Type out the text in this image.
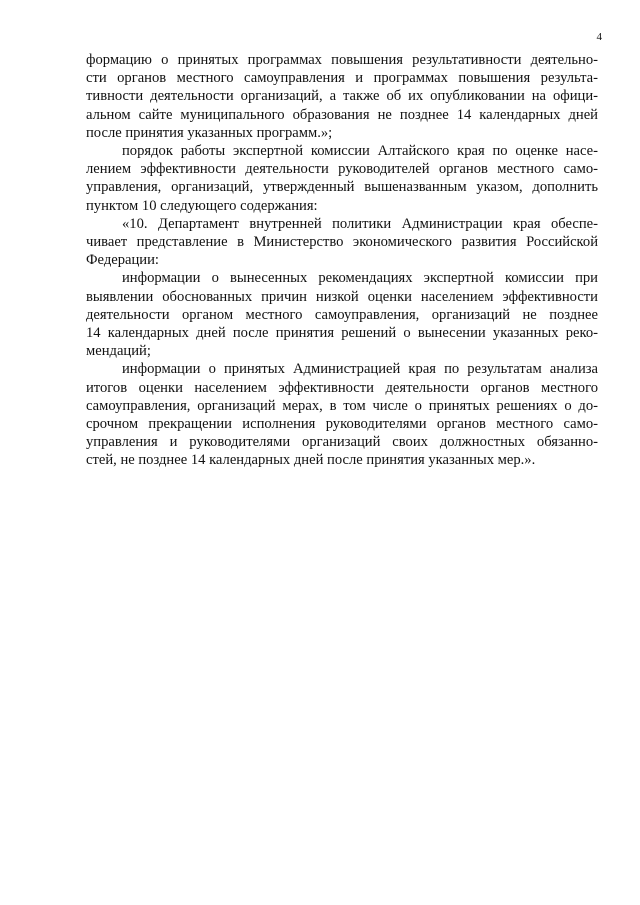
4
формацию о принятых программах повышения результативности деятельно-
сти органов местного самоуправления и программах повышения результа-
тивности деятельности организаций, а также об их опубликовании на офици-
альном сайте муниципального образования не позднее 14 календарных дней
после принятия указанных программ.»;
порядок работы экспертной комиссии Алтайского края по оценке насе-
лением эффективности деятельности руководителей органов местного само-
управления, организаций, утвержденный вышеназванным указом, дополнить
пунктом 10 следующего содержания:
«10. Департамент внутренней политики Администрации края обеспе-
чивает представление в Министерство экономического развития Российской
Федерации:
информации о вынесенных рекомендациях экспертной комиссии при
выявлении обоснованных причин низкой оценки населением эффективности
деятельности органом местного самоуправления, организаций не позднее
14 календарных дней после принятия решений о вынесении указанных реко-
мендаций;
информации о принятых Администрацией края по результатам анализа
итогов оценки населением эффективности деятельности органов местного
самоуправления, организаций мерах, в том числе о принятых решениях о до-
срочном прекращении исполнения руководителями органов местного само-
управления и руководителями организаций своих должностных обязанно-
стей, не позднее 14 календарных дней после принятия указанных мер.».
